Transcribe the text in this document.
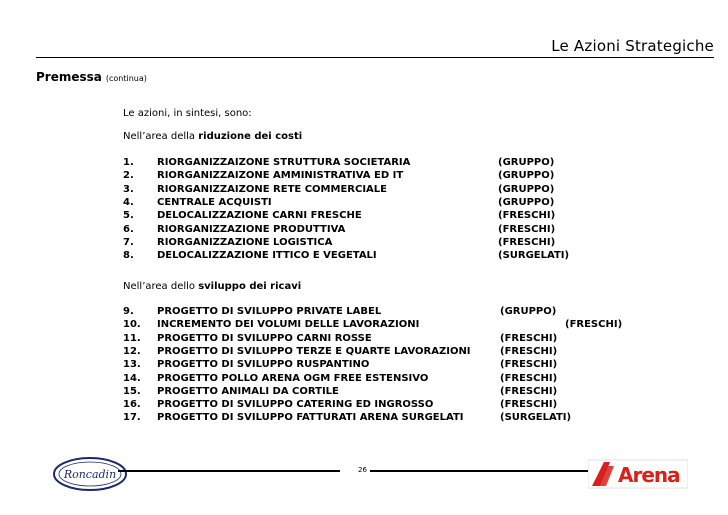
Le Azioni Strategiche
Premessa (continua)
Le azioni, in sintesi, sono:
Nell’area della riduzione dei costi
1. RIORGANIZZAIZONE STRUTTURA SOCIETARIA	(GRUPPO)
2. RIORGANIZZAIZONE AMMINISTRATIVA ED IT	(GRUPPO)
3. RIORGANIZZAIZONE RETE COMMERCIALE	(GRUPPO)
4. CENTRALE ACQUISTI	(GRUPPO)
5. DELOCALIZZAZIONE CARNI FRESCHE	(FRESCHI)
6. RIORGANIZZAZIONE PRODUTTIVA	(FRESCHI)
7. RIORGANIZZAZIONE LOGISTICA	(FRESCHI)
8. DELOCALIZZAZIONE ITTICO E VEGETALI	(SURGELATI)
Nell’area dello sviluppo dei ricavi
9. PROGETTO DI SVILUPPO PRIVATE LABEL	(GRUPPO)
10. INCREMENTO DEI VOLUMI DELLE LAVORAZIONI	(FRESCHI)
11. PROGETTO DI SVILUPPO CARNI ROSSE	(FRESCHI)
12. PROGETTO DI SVILUPPO TERZE E QUARTE LAVORAZIONI	(FRESCHI)
13. PROGETTO DI SVILUPPO RUSPANTINO	(FRESCHI)
14. PROGETTO POLLO ARENA OGM FREE ESTENSIVO	(FRESCHI)
15. PROGETTO ANIMALI DA CORTILE	(FRESCHI)
16. PROGETTO DI SVILUPPO CATERING ED INGROSSO	(FRESCHI)
17. PROGETTO DI SVILUPPO FATTURATI ARENA SURGELATI	(SURGELATI)
Roncadin	26	Arena
